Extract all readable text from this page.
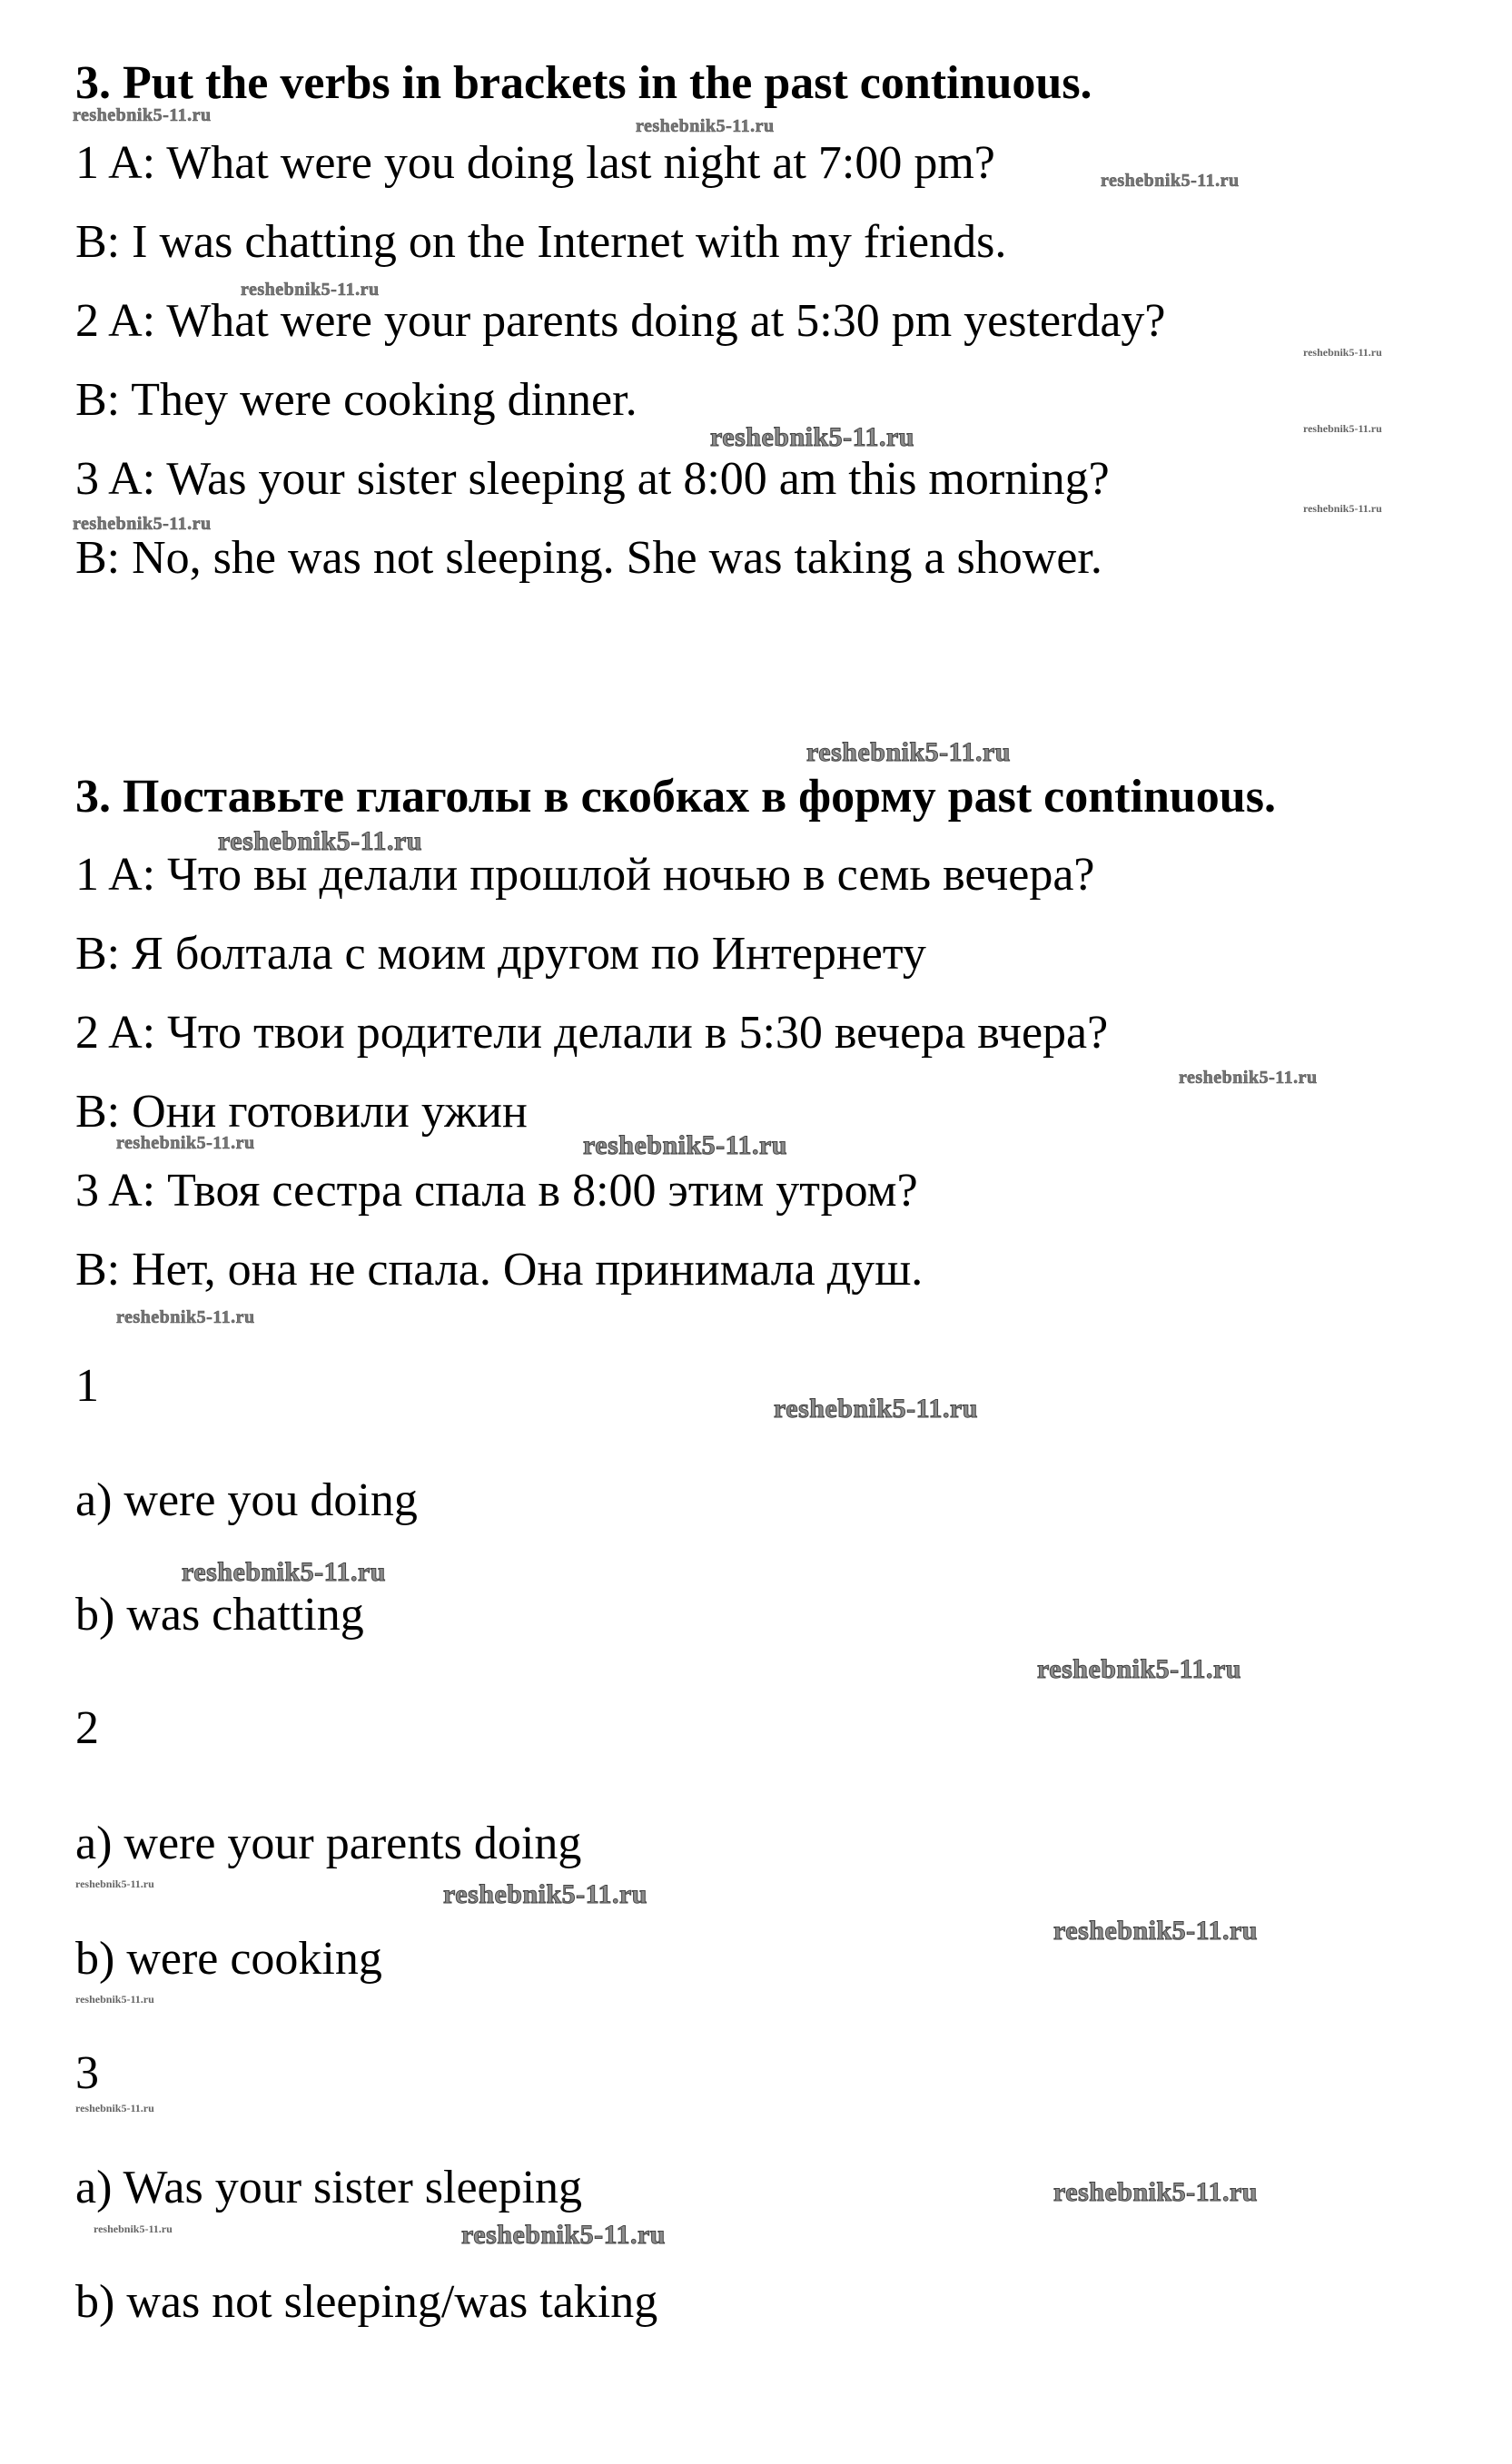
3. Put the verbs in brackets in the past continuous.
1 A: What were you doing last night at 7:00 pm?
B: I was chatting on the Internet with my friends.
2 A: What were your parents doing at 5:30 pm yesterday?
B: They were cooking dinner.
3 A: Was your sister sleeping at 8:00 am this morning?
B: No, she was not sleeping. She was taking a shower.
3. Поставьте глаголы в скобках в форму past continuous.
1 A: Что вы делали прошлой ночью в семь вечера?
B: Я болтала с моим другом по Интернету
2 A: Что твои родители делали в 5:30 вечера вчера?
B: Они готовили ужин
3 A: Твоя сестра спала в 8:00 этим утром?
B: Нет, она не спала. Она принимала душ.
1
a) were you doing
b) was chatting
2
a) were your parents doing
b) were cooking
3
a) Was your sister sleeping
b) was not sleeping/was taking
reshebnik5-11.ru
reshebnik5-11.ru
reshebnik5-11.ru
reshebnik5-11.ru
reshebnik5-11.ru
reshebnik5-11.ru	reshebnik5-11.ru
reshebnik5-11.ru
reshebnik5-11.ru
reshebnik5-11.ru
reshebnik5-11.ru
reshebnik5-11.ru
reshebnik5-11.ru	reshebnik5-11.ru
reshebnik5-11.ru
reshebnik5-11.ru
reshebnik5-11.ru
reshebnik5-11.ru
reshebnik5-11.ru	reshebnik5-11.ru
reshebnik5-11.ru
reshebnik5-11.ru
reshebnik5-11.ru
reshebnik5-11.ru
reshebnik5-11.ru	reshebnik5-11.ru
